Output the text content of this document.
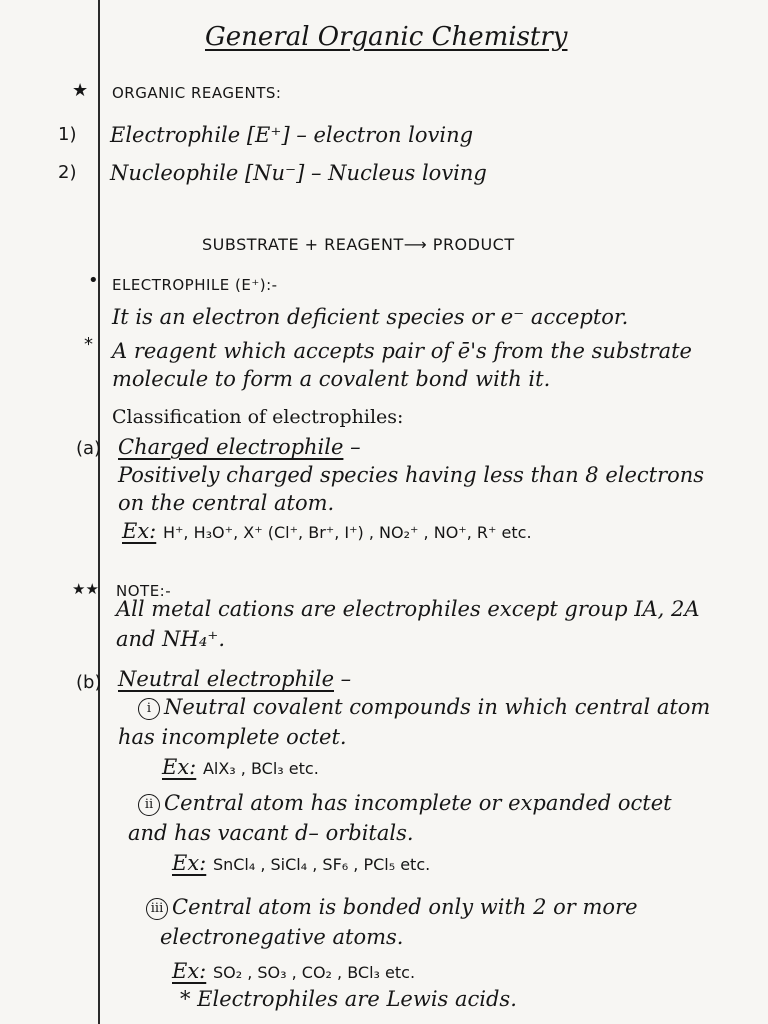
General Organic Chemistry
★ ORGANIC REAGENTS:
1) Electrophile [E⁺] – electron loving
2) Nucleophile [Nu⁻] – Nucleus loving
SUBSTRATE + REAGENT⟶ PRODUCT
• ELECTROPHILE (E⁺):-
It is an electron deficient species or e⁻ acceptor.
* A reagent which accepts pair of ē's from the substrate
molecule to form a covalent bond with it.
Classification of electrophiles:
(a) Charged electrophile –
Positively charged species having less than 8 electrons
on the central atom.
Ex: H⁺, H₃O⁺, X⁺ (Cl⁺, Br⁺, I⁺) , NO₂⁺ , NO⁺, R⁺ etc.
★★ NOTE:-
All metal cations are electrophiles except group IA, 2A
and NH₄⁺.
(b) Neutral electrophile –
i Neutral covalent compounds in which central atom
has incomplete octet.
Ex: AlX₃ , BCl₃ etc.
ii Central atom has incomplete or expanded octet
and has vacant d– orbitals.
Ex: SnCl₄ , SiCl₄ , SF₆ , PCl₅ etc.
iii Central atom is bonded only with 2 or more
electronegative atoms.
Ex: SO₂ , SO₃ , CO₂ , BCl₃ etc.
* Electrophiles are Lewis acids.
